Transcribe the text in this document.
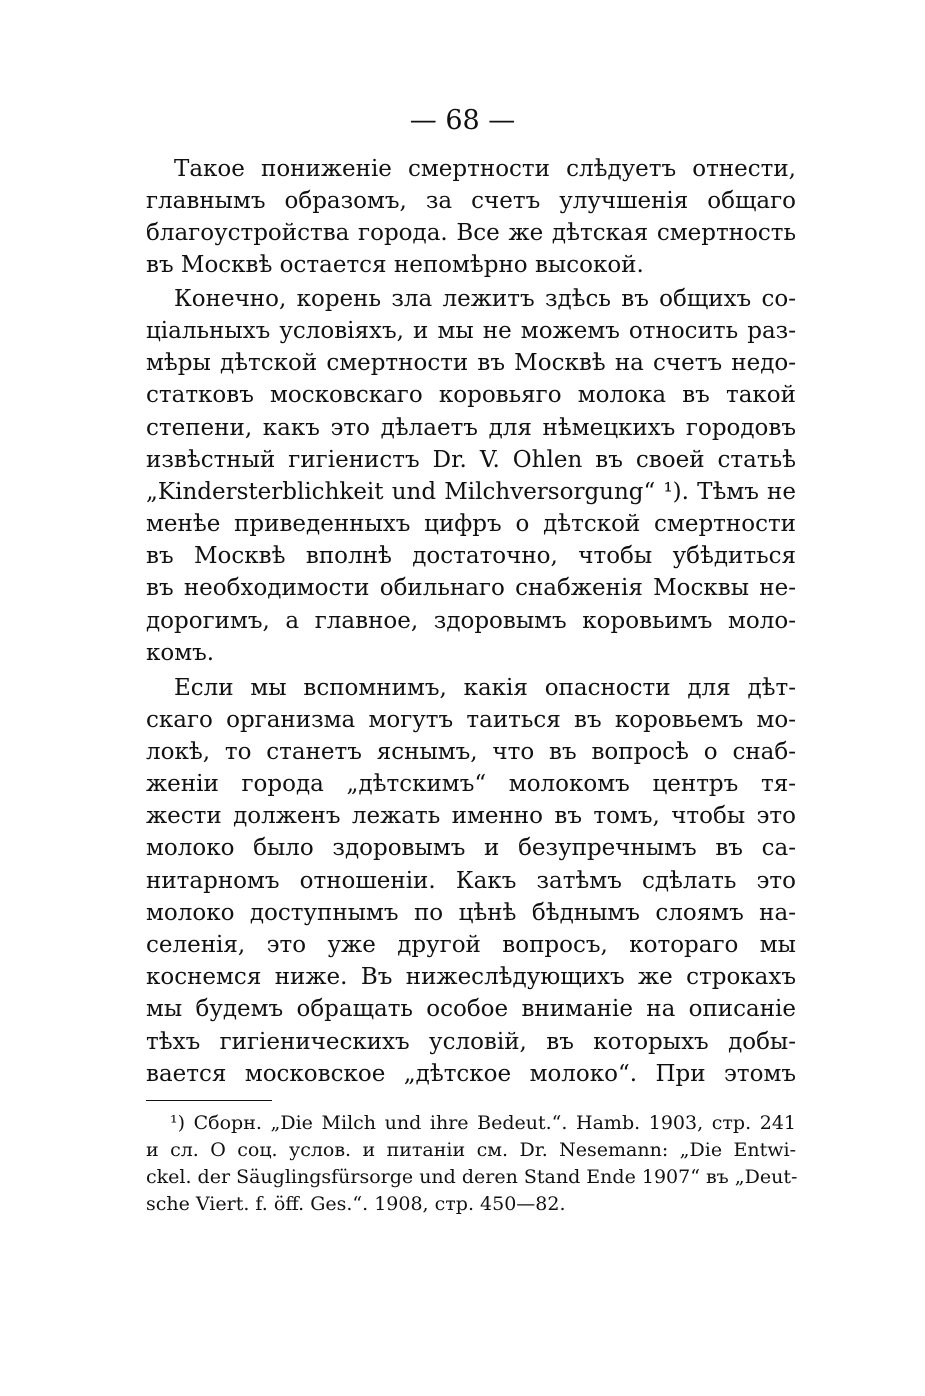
— 68 —
Такое пониженіе смертности слѣдуетъ отнести,
главнымъ образомъ, за счетъ улучшенія общаго
благоустройства города. Все же дѣтская смертность
въ Москвѣ остается непомѣрно высокой.
Конечно, корень зла лежитъ здѣсь въ общихъ со-
ціальныхъ условіяхъ, и мы не можемъ относить раз-
мѣры дѣтской смертности въ Москвѣ на счетъ недо-
статковъ московскаго коровьяго молока въ такой
степени, какъ это дѣлаетъ для нѣмецкихъ городовъ
извѣстный гигіенистъ Dr. V. Ohlen въ своей статьѣ
„Kindersterblichkeit und Milchversorgung“ ¹). Тѣмъ не
менѣе приведенныхъ цифръ о дѣтской смертности
въ Москвѣ вполнѣ достаточно, чтобы убѣдиться
въ необходимости обильнаго снабженія Москвы не-
дорогимъ, а главное, здоровымъ коровьимъ моло-
комъ.
Если мы вспомнимъ, какія опасности для дѣт-
скаго организма могутъ таиться въ коровьемъ мо-
локѣ, то станетъ яснымъ, что въ вопросѣ о снаб-
женіи города „дѣтскимъ“ молокомъ центръ тя-
жести долженъ лежать именно въ томъ, чтобы это
молоко было здоровымъ и безупречнымъ въ са-
нитарномъ отношеніи. Какъ затѣмъ сдѣлать это
молоко доступнымъ по цѣнѣ бѣднымъ слоямъ на-
селенія, это уже другой вопросъ, котораго мы
коснемся ниже. Въ нижеслѣдующихъ же строкахъ
мы будемъ обращать особое вниманіе на описаніе
тѣхъ гигіеническихъ условій, въ которыхъ добы-
вается московское „дѣтское молоко“. При этомъ
¹) Сборн. „Die Milch und ihre Bedeut.“. Hamb. 1903, стр. 241
и сл. О соц. услов. и питаніи см. Dr. Nesemann: „Die Entwi-
ckel. der Säuglingsfürsorge und deren Stand Ende 1907“ въ „Deut-
sche Viert. f. öff. Ges.“. 1908, стр. 450—82.
